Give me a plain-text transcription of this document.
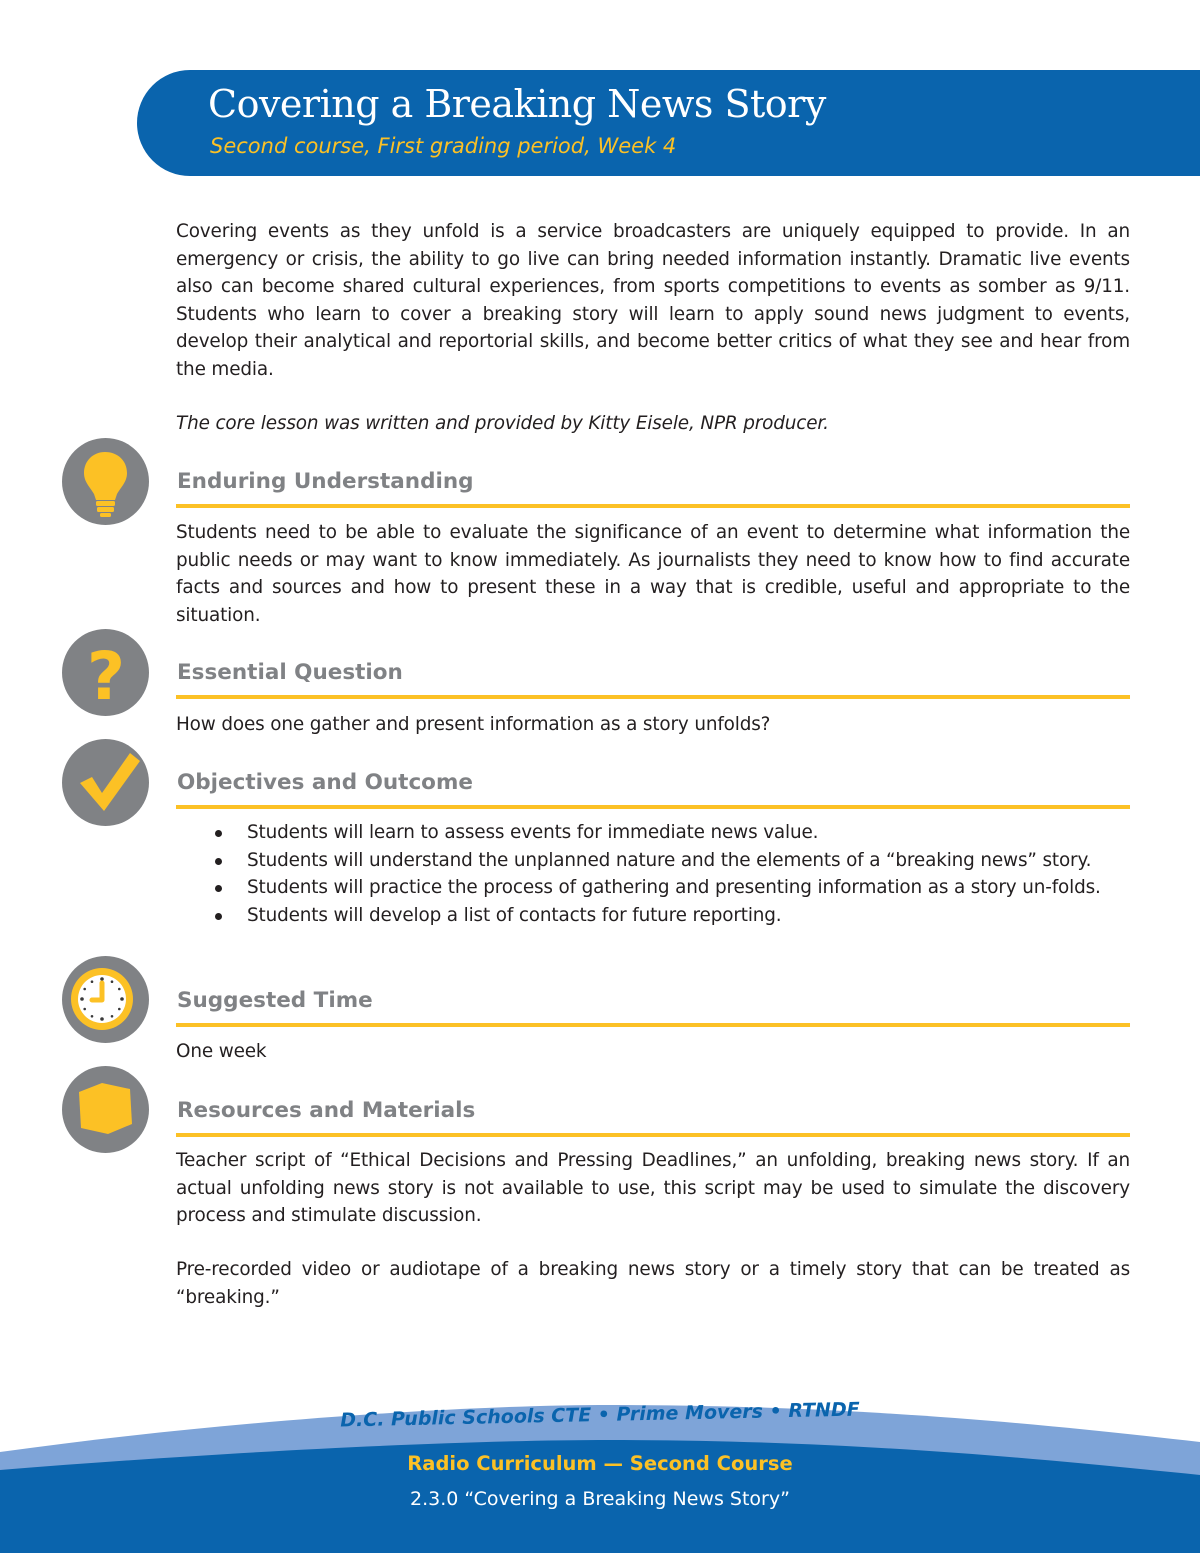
Covering a Breaking News Story

Second course, First grading period, Week 4

Covering events as they unfold is a service broadcasters are uniquely equipped to provide. In an emergency or crisis, the ability to go live can bring needed information instantly. Dramatic live events also can become shared cultural experiences, from sports competitions to events as somber as 9/11. Students who learn to cover a breaking story will learn to apply sound news judgment to events, develop their analytical and reportorial skills, and become better critics of what they see and hear from the media.

The core lesson was written and provided by Kitty Eisele, NPR producer.

Enduring Understanding

Students need to be able to evaluate the significance of an event to determine what information the public needs or may want to know immediately. As journalists they need to know how to find accurate facts and sources and how to present these in a way that is credible, useful and appropriate to the situation.

? Essential Question

How does one gather and present information as a story unfolds?

Objectives and Outcome
Students will learn to assess events for immediate news value.
Students will understand the unplanned nature and the elements of a “breaking news” story.
Students will practice the process of gathering and presenting information as a story un-folds.
Students will develop a list of contacts for future reporting.
Suggested Time

One week

Resources and Materials

Teacher script of “Ethical Decisions and Pressing Deadlines,” an unfolding, breaking news story. If an actual unfolding news story is not available to use, this script may be used to simulate the discovery process and stimulate discussion.

Pre-recorded video or audiotape of a breaking news story or a timely story that can be treated as “breaking.”

D.C. Public Schools CTE • Prime Movers • RTNDF
Radio Curriculum — Second Course
2.3.0 “Covering a Breaking News Story”
